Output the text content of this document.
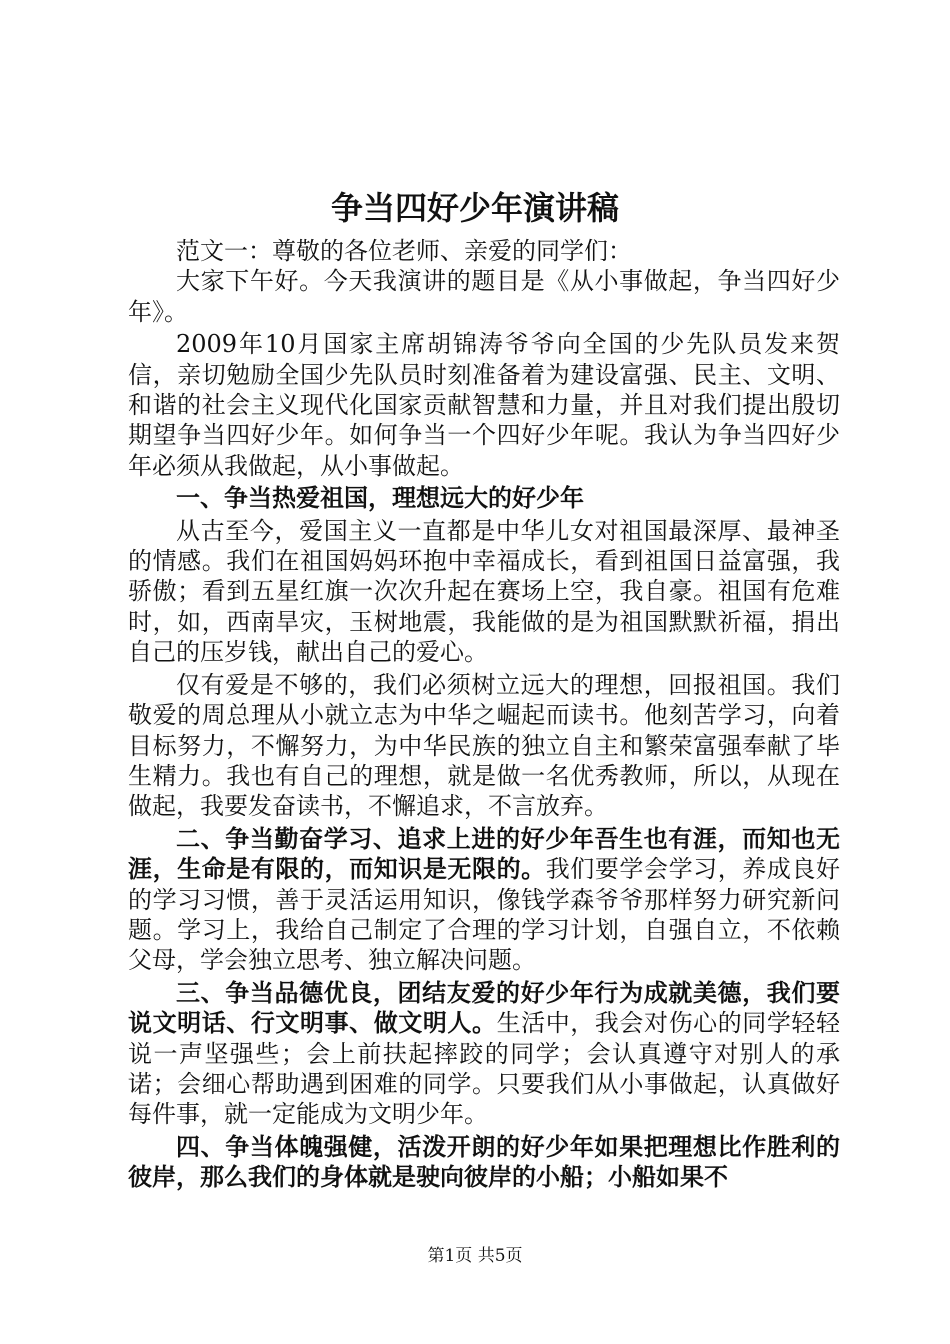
争当四好少年演讲稿

范文一：尊敬的各位老师、亲爱的同学们：

大家下午好。今天我演讲的题目是《从小事做起，争当四好少年》。

2009年10月国家主席胡锦涛爷爷向全国的少先队员发来贺信，亲切勉励全国少先队员时刻准备着为建设富强、民主、文明、和谐的社会主义现代化国家贡献智慧和力量，并且对我们提出殷切期望争当四好少年。如何争当一个四好少年呢。我认为争当四好少年必须从我做起，从小事做起。

一、争当热爱祖国，理想远大的好少年

从古至今，爱国主义一直都是中华儿女对祖国最深厚、最神圣的情感。我们在祖国妈妈环抱中幸福成长，看到祖国日益富强，我骄傲；看到五星红旗一次次升起在赛场上空，我自豪。祖国有危难时，如，西南旱灾，玉树地震，我能做的是为祖国默默祈福，捐出自己的压岁钱，献出自己的爱心。

仅有爱是不够的，我们必须树立远大的理想，回报祖国。我们敬爱的周总理从小就立志为中华之崛起而读书。他刻苦学习，向着目标努力，不懈努力，为中华民族的独立自主和繁荣富强奉献了毕生精力。我也有自己的理想，就是做一名优秀教师，所以，从现在做起，我要发奋读书，不懈追求，不言放弃。

二、争当勤奋学习、追求上进的好少年吾生也有涯，而知也无涯，生命是有限的，而知识是无限的。我们要学会学习，养成良好的学习习惯，善于灵活运用知识，像钱学森爷爷那样努力研究新问题。学习上，我给自己制定了合理的学习计划，自强自立，不依赖父母，学会独立思考、独立解决问题。

三、争当品德优良，团结友爱的好少年行为成就美德，我们要说文明话、行文明事、做文明人。生活中，我会对伤心的同学轻轻说一声坚强些；会上前扶起摔跤的同学；会认真遵守对别人的承诺；会细心帮助遇到困难的同学。只要我们从小事做起，认真做好每件事，就一定能成为文明少年。

四、争当体魄强健，活泼开朗的好少年如果把理想比作胜利的彼岸，那么我们的身体就是驶向彼岸的小船；小船如果不

第1页 共5页
